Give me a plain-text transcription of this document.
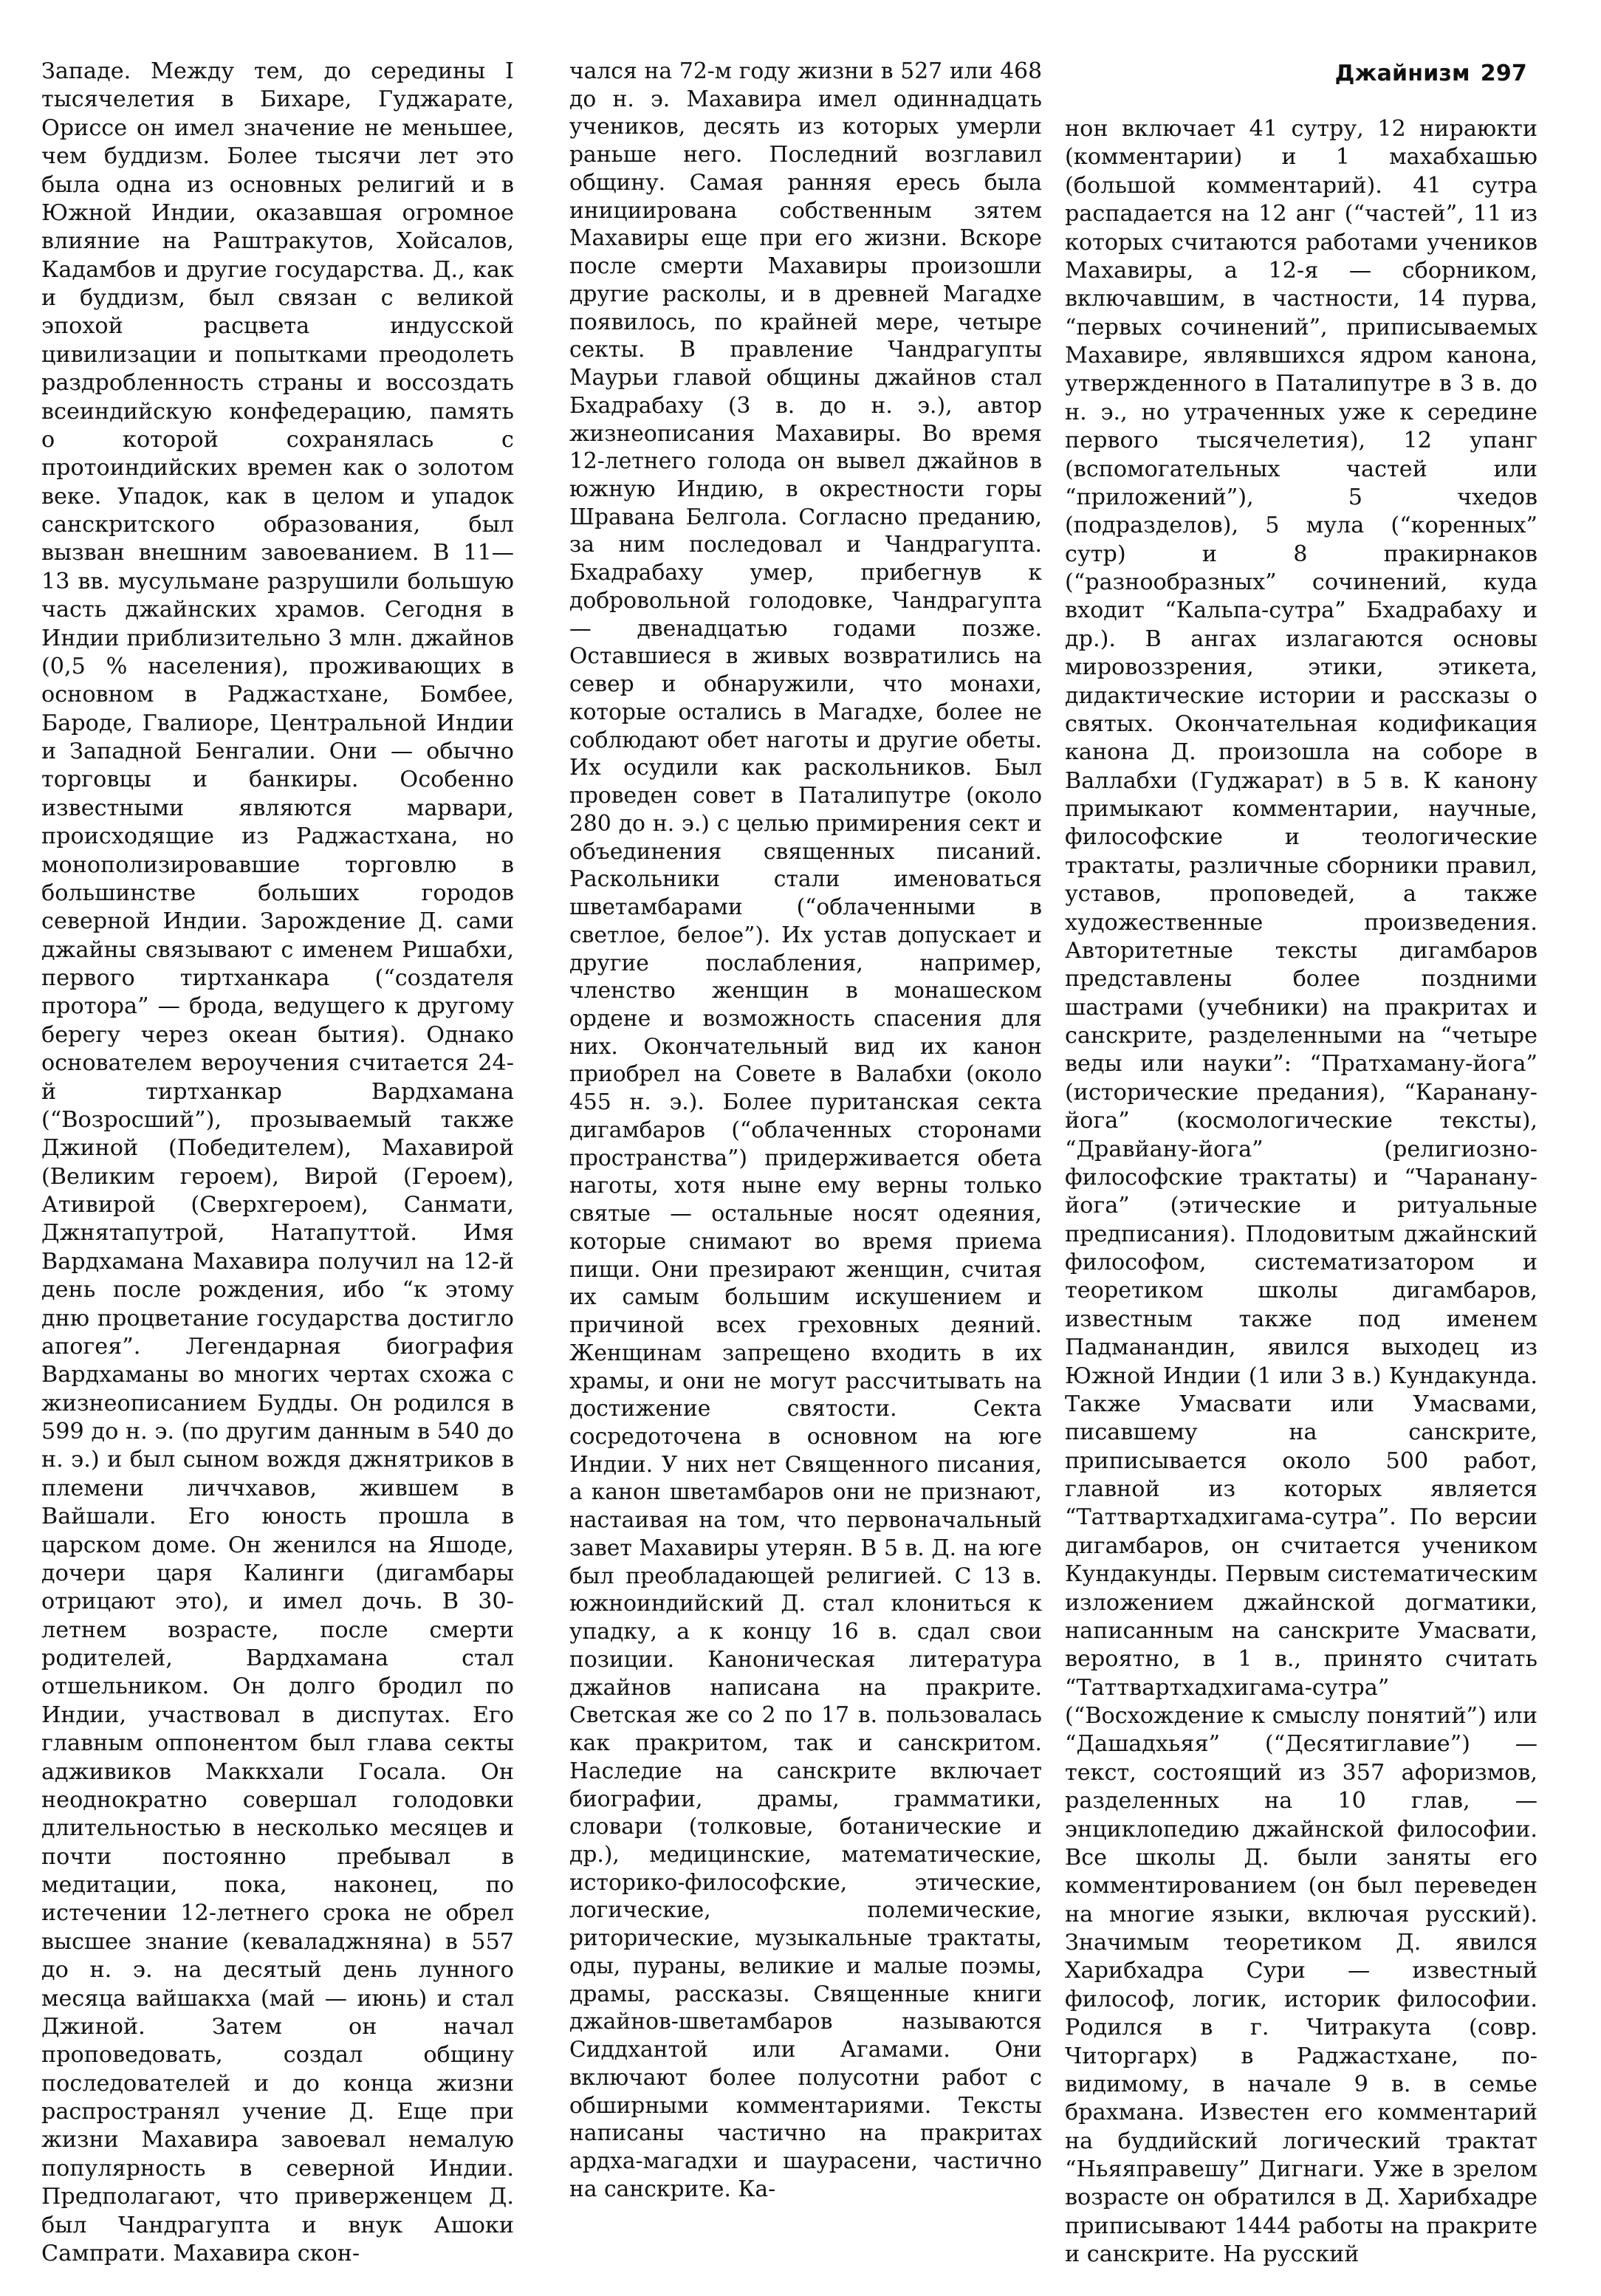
Джайнизм 297

Западе. Между тем, до середины I тысячелетия в Бихаре, Гуджарате, Ориссе он имел значение не меньшее, чем буддизм. Более тысячи лет это была одна из основных религий и в Южной Индии, оказавшая огромное влияние на Раштракутов, Хойсалов, Кадамбов и другие государства. Д., как и буддизм, был связан с великой эпохой расцвета индусской цивилизации и попытками преодолеть раздробленность страны и воссоздать всеиндийскую конфедерацию, память о которой сохранялась с протоиндийских времен как о золотом веке. Упадок, как в целом и упадок санскритского образования, был вызван внешним завоеванием. В 11—13 вв. мусульмане разрушили большую часть джайнских храмов. Сегодня в Индии приблизительно 3 млн. джайнов (0,5 % населения), проживающих в основном в Раджастхане, Бомбее, Бароде, Гвалиоре, Центральной Индии и Западной Бенгалии. Они — обычно торговцы и банкиры. Особенно известными являются марвари, происходящие из Раджастхана, но монополизировавшие торговлю в большинстве больших городов северной Индии. Зарождение Д. сами джайны связывают с именем Ришабхи, первого тиртханкара (“создателя протора” — брода, ведущего к другому берегу через океан бытия). Однако основателем вероучения считается 24-й тиртханкар Вардхамана (“Возросший”), прозываемый также Джиной (Победителем), Махавирой (Великим героем), Вирой (Героем), Ативирой (Сверхгероем), Санмати, Джнятапутрой, Натапуттой. Имя Вардхамана Махавира получил на 12-й день после рождения, ибо “к этому дню процветание государства достигло апогея”. Легендарная биография Вардхаманы во многих чертах схожа с жизнеописанием Будды. Он родился в 599 до н. э. (по другим данным в 540 до н. э.) и был сыном вождя джнятриков в племени личчхавов, жившем в Вайшали. Его юность прошла в царском доме. Он женился на Яшоде, дочери царя Калинги (дигамбары отрицают это), и имел дочь. В 30-летнем возрасте, после смерти родителей, Вардхамана стал отшельником. Он долго бродил по Индии, участвовал в диспутах. Его главным оппонентом был глава секты адживиков Маккхали Госала. Он неоднократно совершал голодовки длительностью в несколько месяцев и почти постоянно пребывал в медитации, пока, наконец, по истечении 12-летнего срока не обрел высшее знание (кеваладжняна) в 557 до н. э. на десятый день лунного месяца вайшакха (май — июнь) и стал Джиной. Затем он начал проповедовать, создал общину последователей и до конца жизни распространял учение Д. Еще при жизни Махавира завоевал немалую популярность в северной Индии. Предполагают, что приверженцем Д. был Чандрагупта и внук Ашоки Сампрати. Махавира скон-

чался на 72-м году жизни в 527 или 468 до н. э. Махавира имел одиннадцать учеников, десять из которых умерли раньше него. Последний возглавил общину. Самая ранняя ересь была инициирована собственным зятем Махавиры еще при его жизни. Вскоре после смерти Махавиры произошли другие расколы, и в древней Магадхе появилось, по крайней мере, четыре секты. В правление Чандрагупты Маурьи главой общины джайнов стал Бхадрабаху (3 в. до н. э.), автор жизнеописания Махавиры. Во время 12-летнего голода он вывел джайнов в южную Индию, в окрестности горы Шравана Белгола. Согласно преданию, за ним последовал и Чандрагупта. Бхадрабаху умер, прибегнув к добровольной голодовке, Чандрагупта — двенадцатью годами позже. Оставшиеся в живых возвратились на север и обнаружили, что монахи, которые остались в Магадхе, более не соблюдают обет наготы и другие обеты. Их осудили как раскольников. Был проведен совет в Паталипутре (около 280 до н. э.) с целью примирения сект и объединения священных писаний. Раскольники стали именоваться шветамбарами (“облаченными в светлое, белое”). Их устав допускает и другие послабления, например, членство женщин в монашеском ордене и возможность спасения для них. Окончательный вид их канон приобрел на Совете в Валабхи (около 455 н. э.). Более пуританская секта дигамбаров (“облаченных сторонами пространства”) придерживается обета наготы, хотя ныне ему верны только святые — остальные носят одеяния, которые снимают во время приема пищи. Они презирают женщин, считая их самым большим искушением и причиной всех греховных деяний. Женщинам запрещено входить в их храмы, и они не могут рассчитывать на достижение святости. Секта сосредоточена в основном на юге Индии. У них нет Священного писания, а канон шветамбаров они не признают, настаивая на том, что первоначальный завет Махавиры утерян. В 5 в. Д. на юге был преобладающей религией. С 13 в. южноиндийский Д. стал клониться к упадку, а к концу 16 в. сдал свои позиции. Каноническая литература джайнов написана на пракрите. Светская же со 2 по 17 в. пользовалась как пракритом, так и санскритом. Наследие на санскрите включает биографии, драмы, грамматики, словари (толковые, ботанические и др.), медицинские, математические, историко-философские, этические, логические, полемические, риторические, музыкальные трактаты, оды, пураны, великие и малые поэмы, драмы, рассказы. Священные книги джайнов-шветамбаров называются Сиддхантой или Агамами. Они включают более полусотни работ с обширными комментариями. Тексты написаны частично на пракритах ардха-магадхи и шаурасени, частично на санскрите. Ка-

нон включает 41 сутру, 12 нираюкти (комментарии) и 1 махабхашью (большой комментарий). 41 сутра распадается на 12 анг (“частей”, 11 из которых считаются работами учеников Махавиры, а 12-я — сборником, включавшим, в частности, 14 пурва, “первых сочинений”, приписываемых Махавире, являвшихся ядром канона, утвержденного в Паталипутре в 3 в. до н. э., но утраченных уже к середине первого тысячелетия), 12 упанг (вспомогательных частей или “приложений”), 5 чхедов (подразделов), 5 мула (“коренных” сутр) и 8 пракирнаков (“разнообразных” сочинений, куда входит “Кальпа-сутра” Бхадрабаху и др.). В ангах излагаются основы мировоззрения, этики, этикета, дидактические истории и рассказы о святых. Окончательная кодификация канона Д. произошла на соборе в Валлабхи (Гуджарат) в 5 в. К канону примыкают комментарии, научные, философские и теологические трактаты, различные сборники правил, уставов, проповедей, а также художественные произведения. Авторитетные тексты дигамбаров представлены более поздними шастрами (учебники) на пракритах и санскрите, разделенными на “четыре веды или науки”: “Пратхаману-йога” (исторические предания), “Каранану-йога” (космологические тексты), “Дравйану-йога” (религиозно-философские трактаты) и “Чаранану-йога” (этические и ритуальные предписания). Плодовитым джайнский философом, систематизатором и теоретиком школы дигамбаров, известным также под именем Падманандин, явился выходец из Южной Индии (1 или 3 в.) Кундакунда. Также Умасвати или Умасвами, писавшему на санскрите, приписывается около 500 работ, главной из которых является “Таттвартхадхигама-сутра”. По версии дигамбаров, он считается учеником Кундакунды. Первым систематическим изложением джайнской догматики, написанным на санскрите Умасвати, вероятно, в 1 в., принято считать “Таттвартхадхигама-сутра” (“Восхождение к смыслу понятий”) или “Дашадхьяя” (“Десятиглавие”) — текст, состоящий из 357 афоризмов, разделенных на 10 глав, — энциклопедию джайнской философии. Все школы Д. были заняты его комментированием (он был переведен на многие языки, включая русский). Значимым теоретиком Д. явился Харибхадра Сури — известный философ, логик, историк философии. Родился в г. Читракута (совр. Читоргарх) в Раджастхане, по-видимому, в начале 9 в. в семье брахмана. Известен его комментарий на буддийский логический трактат “Ньяяправешу” Дигнаги. Уже в зрелом возрасте он обратился в Д. Харибхадре приписывают 1444 работы на пракрите и санскрите. На русский
